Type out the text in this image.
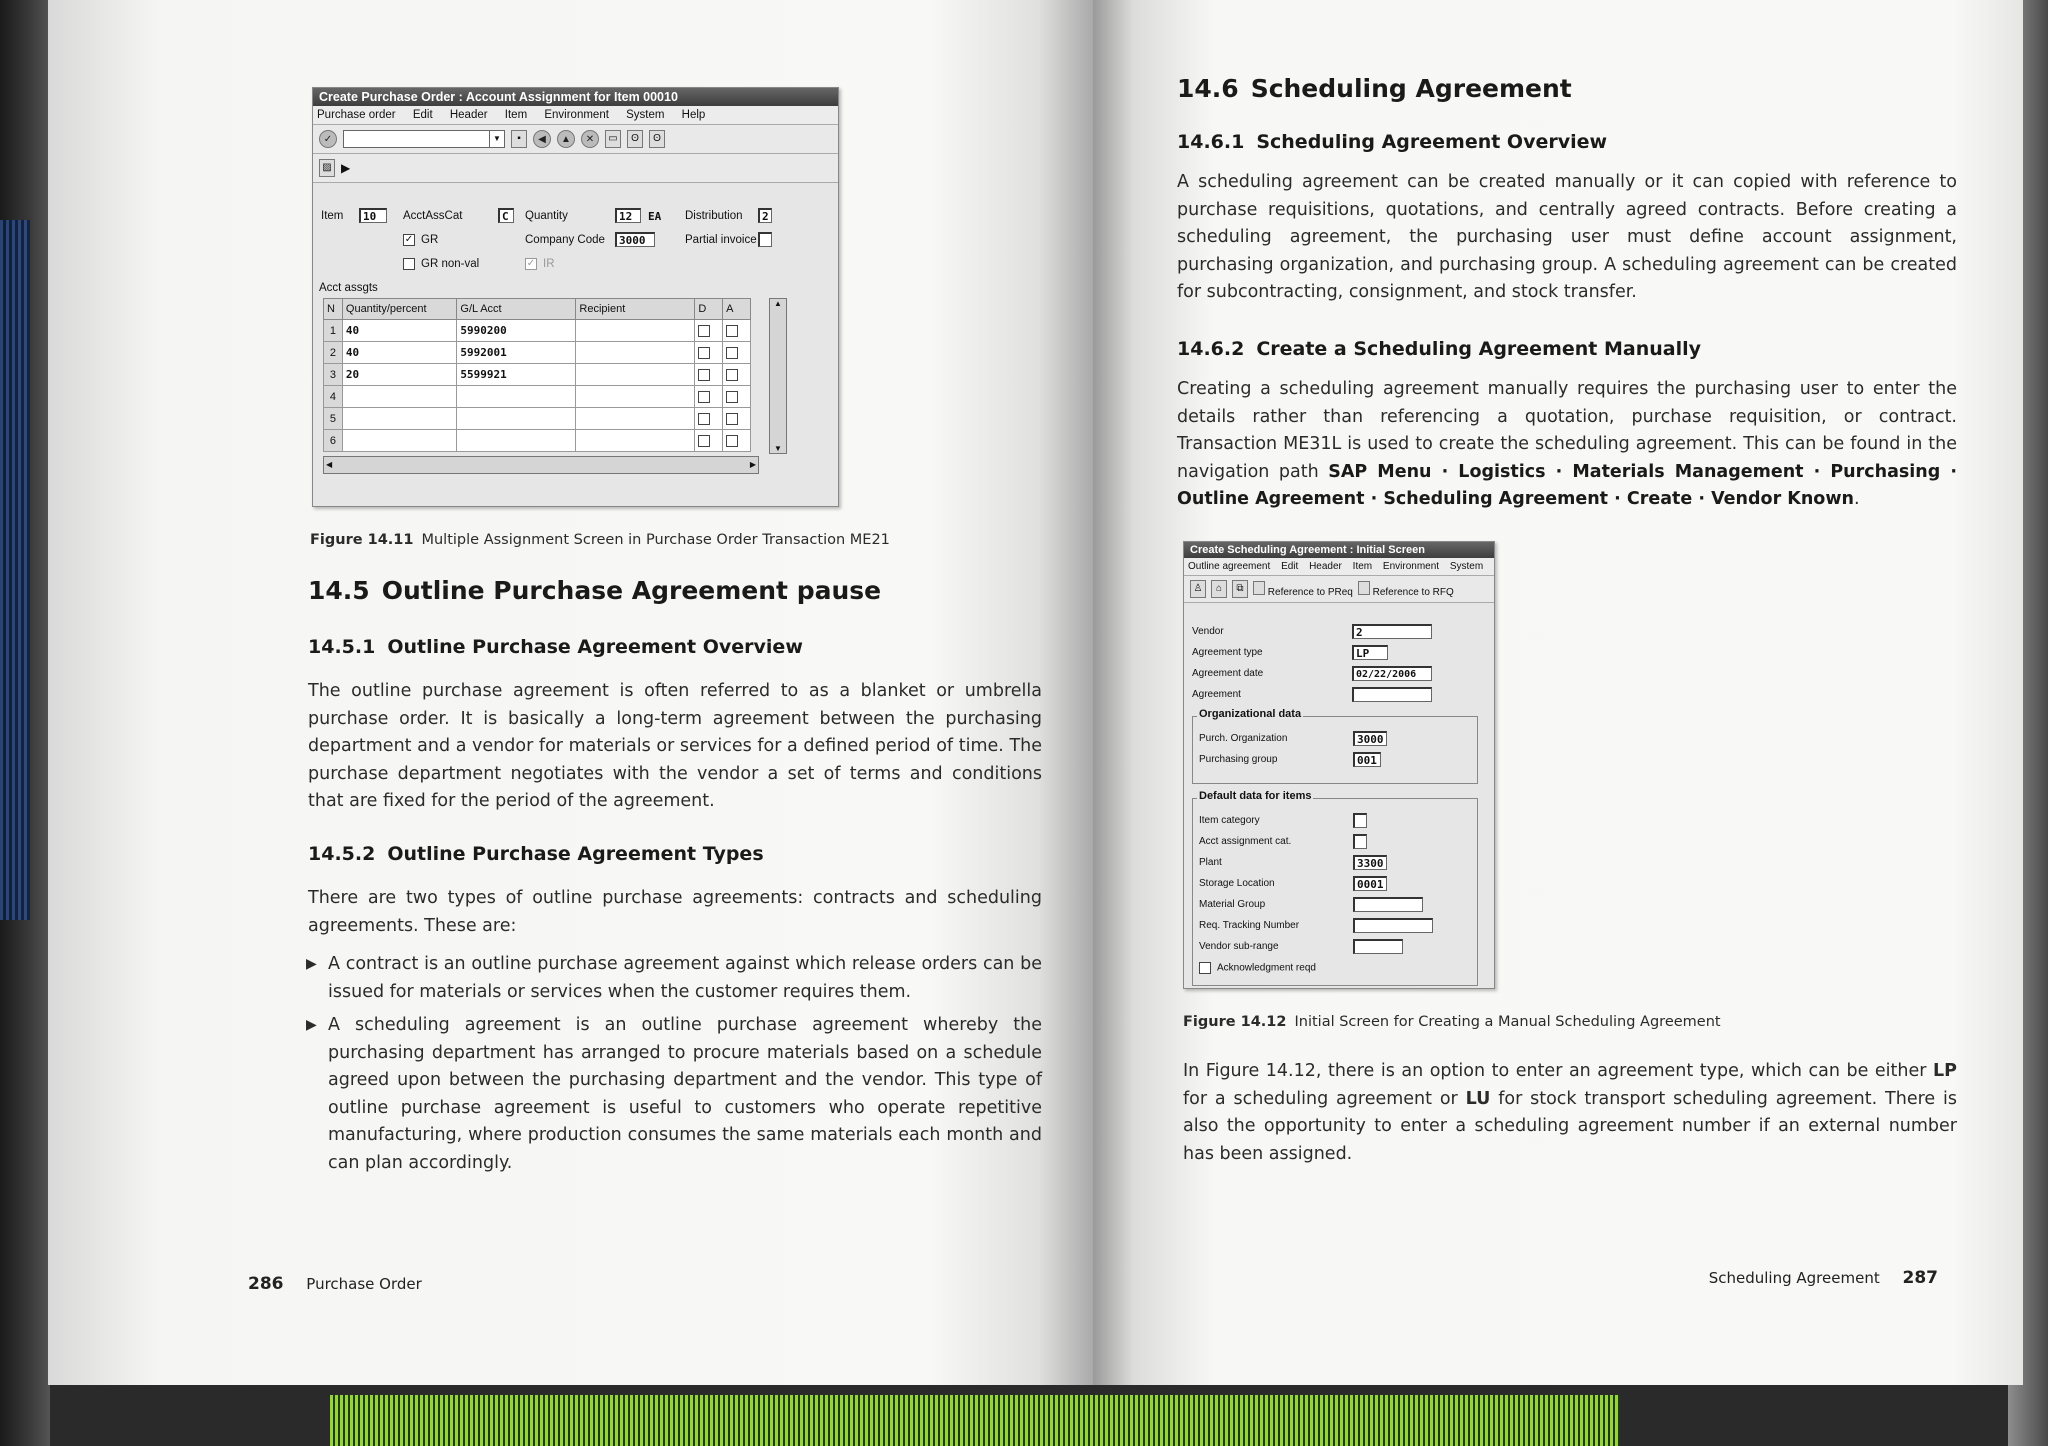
Create Purchase Order : Account Assignment for Item 00010
Purchase order Edit Header Item Environment System Help
✓	▼	▪	◀	▲	✕	▭	ʘ	ʘ
▨ ▶
Item	10	AcctAssCat	C	Quantity	12	EA Distribution	2
✓ GR	Company Code	3000	Partial invoice
GR non-val	✓ IR
Acct assgts
N	Quantity/percent	G/L Acct	Recipient	D	A
1	40	5990200			
2	40	5992001			
3	20	5599921			
4					
5					
6					
▲
▼
◀	▶
Figure 14.11 Multiple Assignment Screen in Purchase Order Transaction ME21
14.5 Outline Purchase Agreement pause
14.5.1 Outline Purchase Agreement Overview

The outline purchase agreement is often referred to as a blanket or umbrella purchase order. It is basically a long-term agreement between the purchasing department and a vendor for materials or services for a defined period of time. The purchase department negotiates with the vendor a set of terms and conditions that are fixed for the period of the agreement.

14.5.2 Outline Purchase Agreement Types

There are two types of outline purchase agreements: contracts and scheduling agreements. These are:

▶ A contract is an outline purchase agreement against which release orders can be issued for materials or services when the customer requires them.
▶ A scheduling agreement is an outline purchase agreement whereby the purchasing department has arranged to procure materials based on a schedule agreed upon between the purchasing department and the vendor. This type of outline purchase agreement is useful to customers who operate repetitive manufacturing, where production consumes the same materials each month and can plan accordingly.
286 Purchase Order
14.6 Scheduling Agreement
14.6.1 Scheduling Agreement Overview

A scheduling agreement can be created manually or it can copied with reference to purchase requisitions, quotations, and centrally agreed contracts. Before creating a scheduling agreement, the purchasing user must define account assignment, purchasing organization, and purchasing group. A scheduling agreement can be created for subcontracting, consignment, and stock transfer.

14.6.2 Create a Scheduling Agreement Manually

Creating a scheduling agreement manually requires the purchasing user to enter the details rather than referencing a quotation, purchase requisition, or contract. Transaction ME31L is used to create the scheduling agreement. This can be found in the navigation path SAP Menu · Logistics · Materials Management · Purchasing · Outline Agreement · Scheduling Agreement · Create · Vendor Known.

Create Scheduling Agreement : Initial Screen
Outline agreement Edit Header Item Environment System
♙	⌂	⧉	Reference to PReq	Reference to RFQ
Vendor	2
Agreement type	LP
Agreement date	02/22/2006
Agreement
Organizational data
Purch. Organization	3000
Purchasing group	001
Default data for items
Item category
Acct assignment cat.
Plant	3300
Storage Location	0001
Material Group
Req. Tracking Number
Vendor sub-range
Acknowledgment reqd
Figure 14.12 Initial Screen for Creating a Manual Scheduling Agreement

In Figure 14.12, there is an option to enter an agreement type, which can be either LP for a scheduling agreement or LU for stock transport scheduling agreement. There is also the opportunity to enter a scheduling agreement number if an external number has been assigned.

Scheduling Agreement 287
